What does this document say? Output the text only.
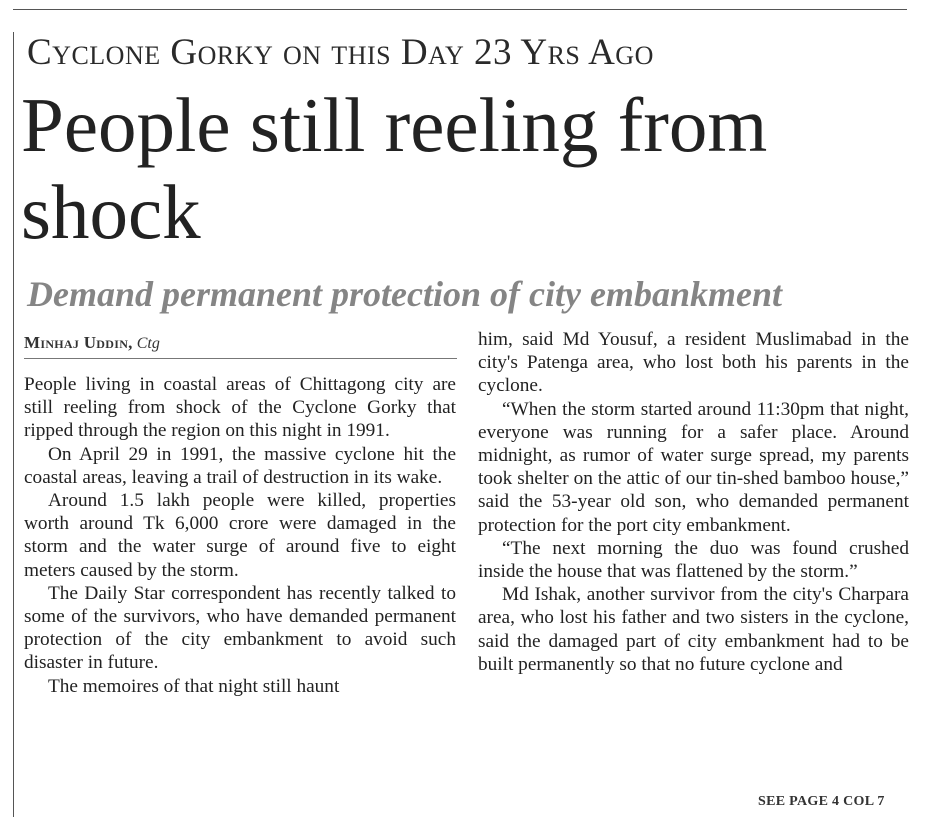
Cyclone Gorky on this Day 23 Yrs Ago
People still reeling from shock
Demand permanent protection of city embankment
Minhaj Uddin, Ctg

People living in coastal areas of Chittagong city are still reeling from shock of the Cyclone Gorky that ripped through the region on this night in 1991.

On April 29 in 1991, the massive cyclone hit the coastal areas, leaving a trail of destruction in its wake.

Around 1.5 lakh people were killed, properties worth around Tk 6,000 crore were damaged in the storm and the water surge of around five to eight meters caused by the storm.

The Daily Star correspondent has recently talked to some of the survivors, who have demanded permanent protection of the city embankment to avoid such disaster in future.

The memoires of that night still haunt

him, said Md Yousuf, a resident Muslimabad in the city's Patenga area, who lost both his parents in the cyclone.

“When the storm started around 11:30pm that night, everyone was running for a safer place. Around midnight, as rumor of water surge spread, my parents took shelter on the attic of our tin-shed bamboo house,” said the 53-year old son, who demanded permanent protection for the port city embankment.

“The next morning the duo was found crushed inside the house that was flattened by the storm.”

Md Ishak, another survivor from the city's Charpara area, who lost his father and two sisters in the cyclone, said the damaged part of city embankment had to be built permanently so that no future cyclone and

SEE PAGE 4 COL 7
